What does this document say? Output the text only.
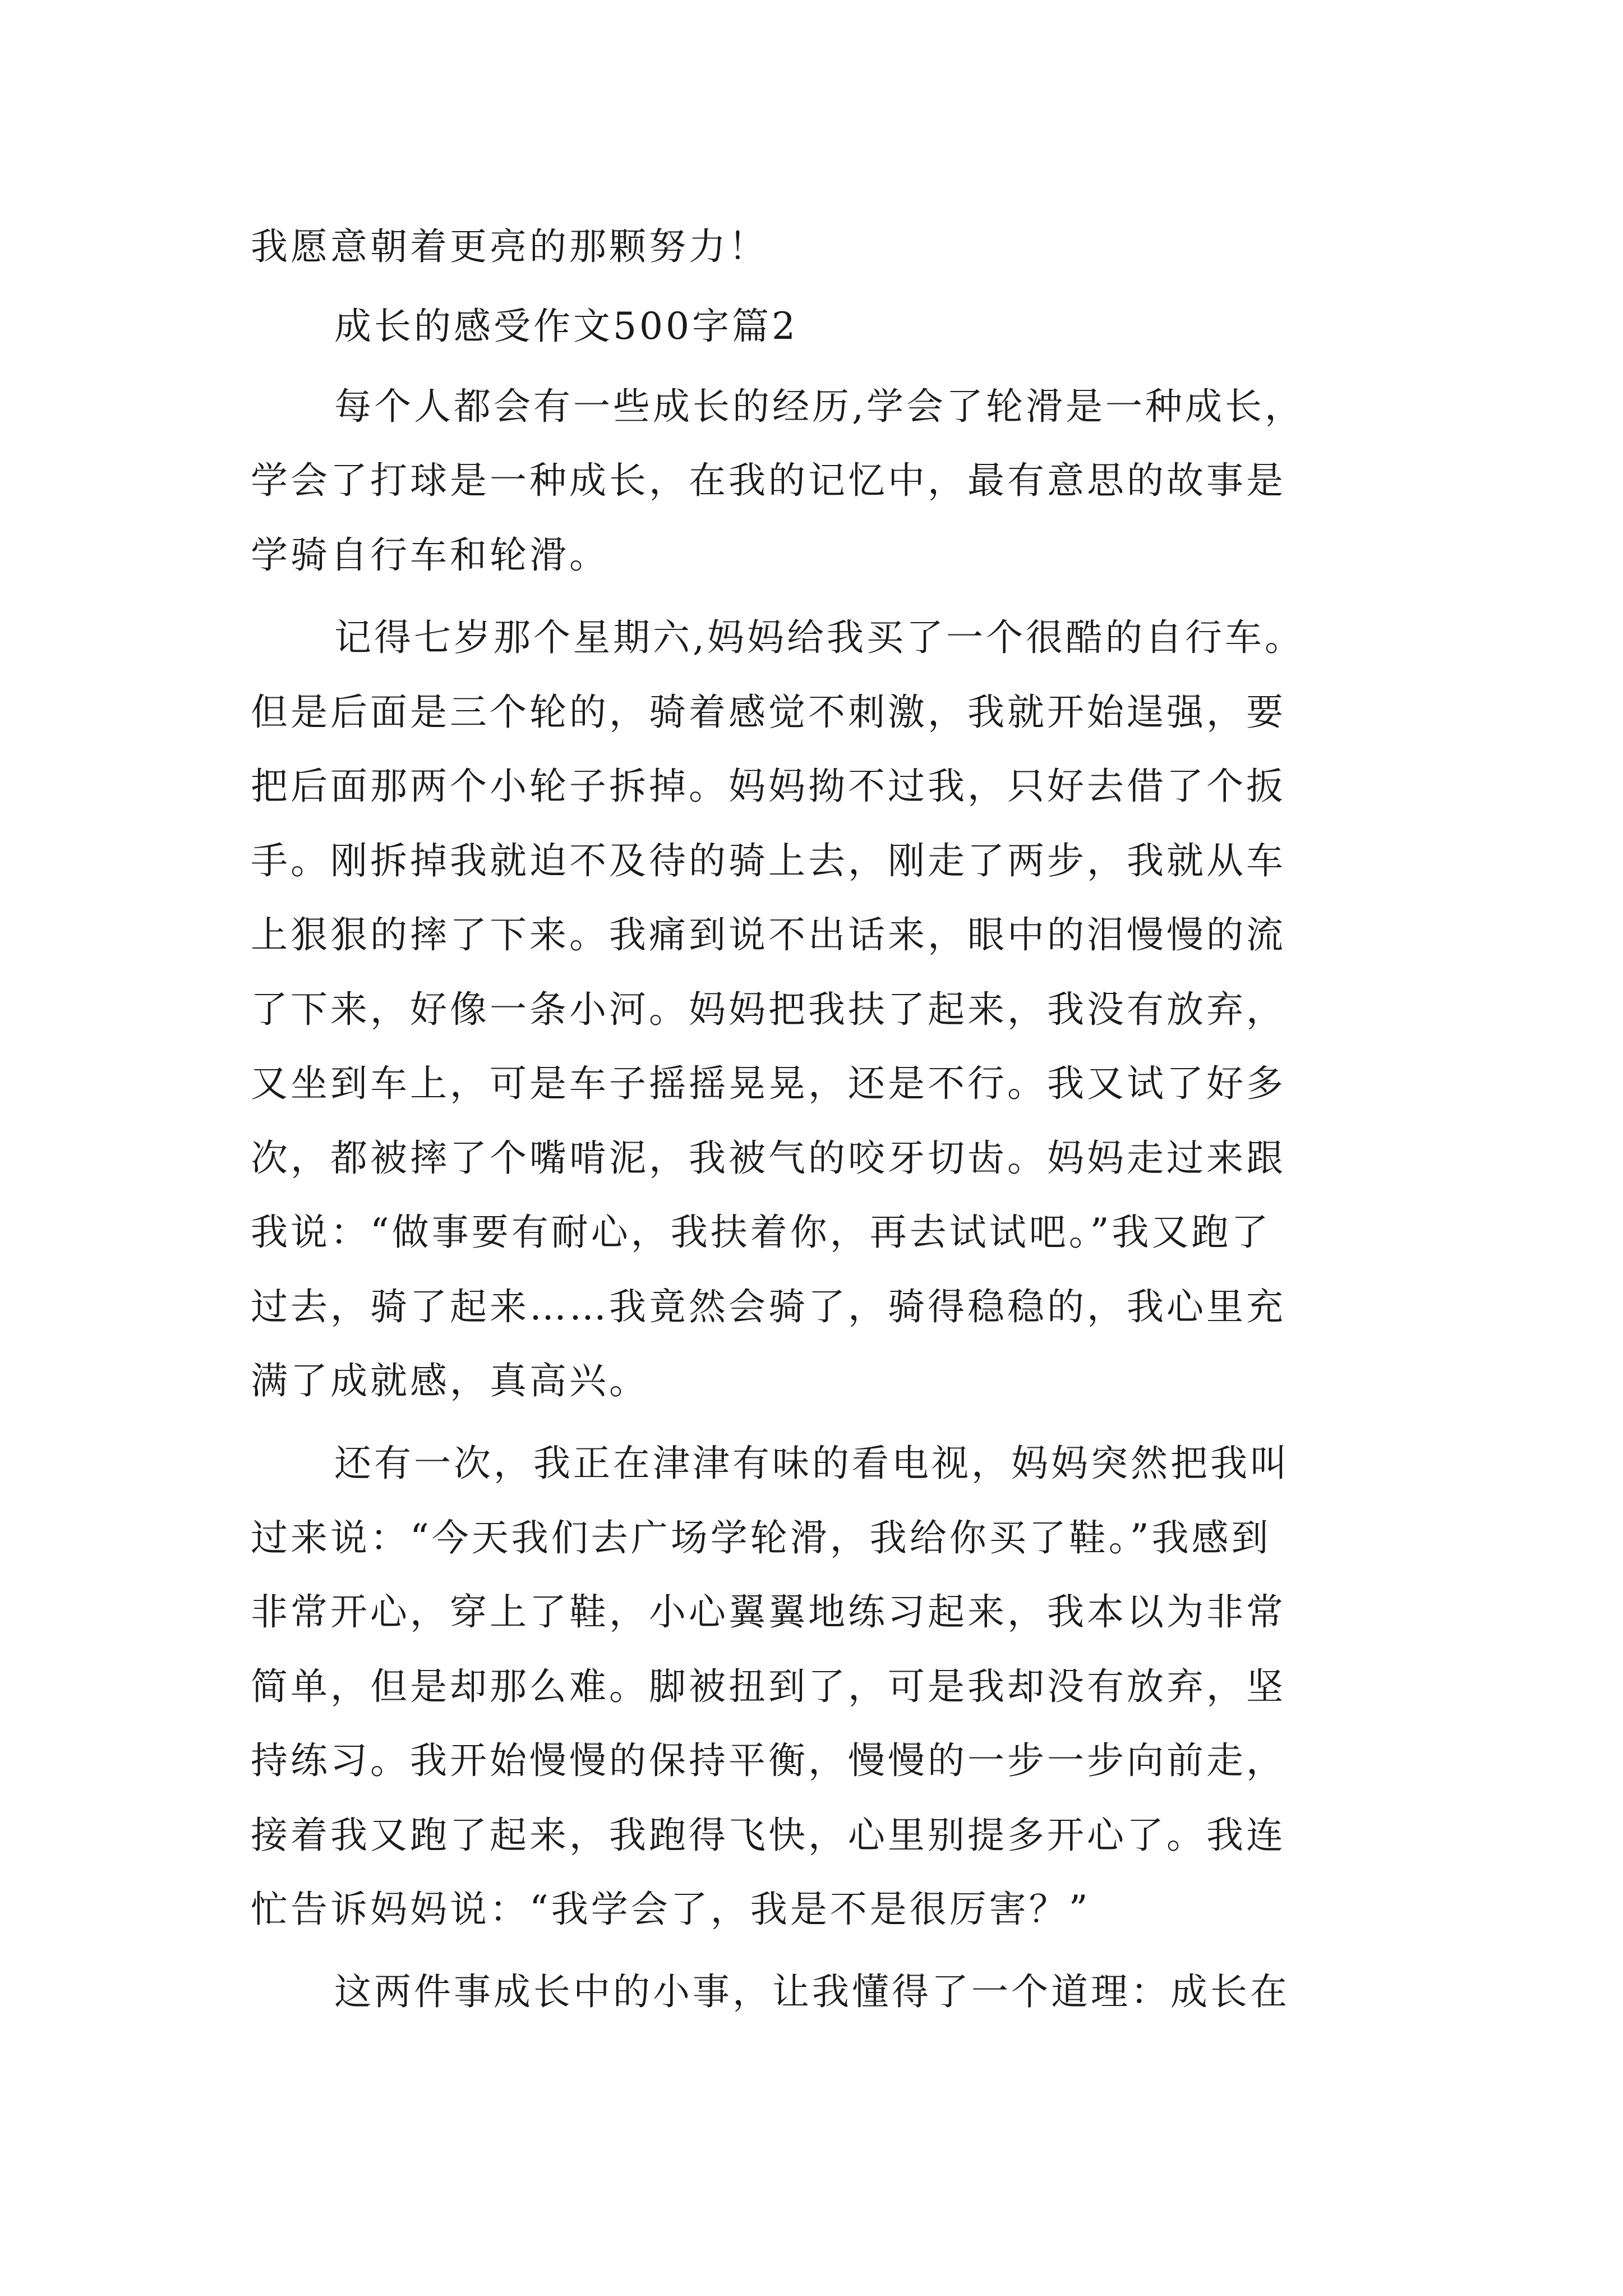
我愿意朝着更亮的那颗努力！
成长的感受作文500字篇2
每个人都会有一些成长的经历,学会了轮滑是一种成长，
学会了打球是一种成长，在我的记忆中，最有意思的故事是
学骑自行车和轮滑。
记得七岁那个星期六,妈妈给我买了一个很酷的自行车。
但是后面是三个轮的，骑着感觉不刺激，我就开始逞强，要
把后面那两个小轮子拆掉。妈妈拗不过我，只好去借了个扳
手。刚拆掉我就迫不及待的骑上去，刚走了两步，我就从车
上狠狠的摔了下来。我痛到说不出话来，眼中的泪慢慢的流
了下来，好像一条小河。妈妈把我扶了起来，我没有放弃，
又坐到车上，可是车子摇摇晃晃，还是不行。我又试了好多
次，都被摔了个嘴啃泥，我被气的咬牙切齿。妈妈走过来跟
我说：“做事要有耐心，我扶着你，再去试试吧。”我又跑了
过去，骑了起来……我竟然会骑了，骑得稳稳的，我心里充
满了成就感，真高兴。
还有一次，我正在津津有味的看电视，妈妈突然把我叫
过来说：“今天我们去广场学轮滑，我给你买了鞋。”我感到
非常开心，穿上了鞋，小心翼翼地练习起来，我本以为非常
简单，但是却那么难。脚被扭到了，可是我却没有放弃，坚
持练习。我开始慢慢的保持平衡，慢慢的一步一步向前走，
接着我又跑了起来，我跑得飞快，心里别提多开心了。我连
忙告诉妈妈说：“我学会了，我是不是很厉害？”
这两件事成长中的小事，让我懂得了一个道理：成长在
